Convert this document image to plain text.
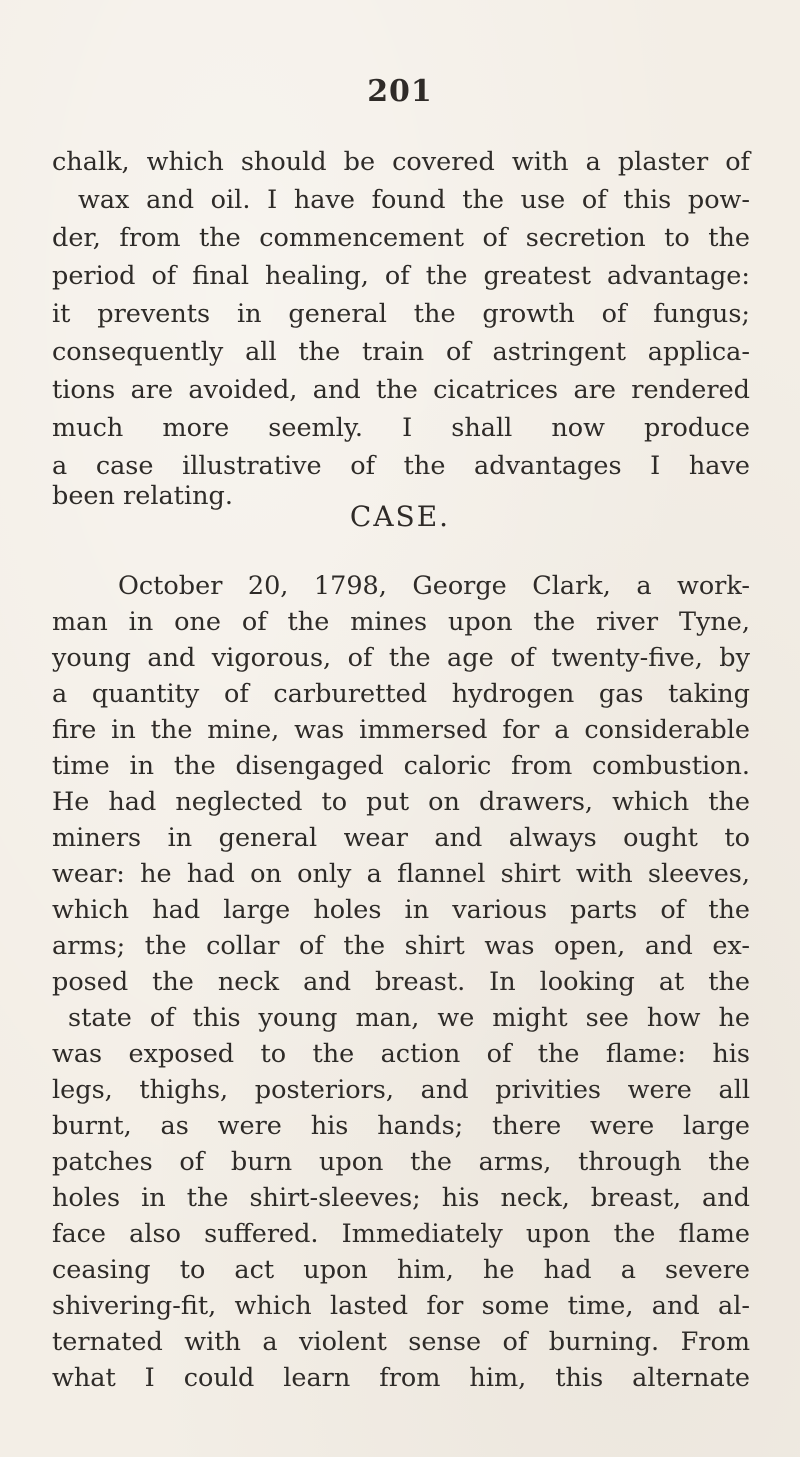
201
chalk, which should be covered with a plaster of
wax and oil. I have found the use of this pow-
der, from the commencement of secretion to the
period of final healing, of the greatest advantage:
it prevents in general the growth of fungus;
consequently all the train of astringent applica-
tions are avoided, and the cicatrices are rendered
much more seemly. I shall now produce
a case illustrative of the advantages I have
been relating.
CASE.
October 20, 1798, George Clark, a work-
man in one of the mines upon the river Tyne,
young and vigorous, of the age of twenty-five, by
a quantity of carburetted hydrogen gas taking
fire in the mine, was immersed for a considerable
time in the disengaged caloric from combustion.
He had neglected to put on drawers, which the
miners in general wear and always ought to
wear: he had on only a flannel shirt with sleeves,
which had large holes in various parts of the
arms; the collar of the shirt was open, and ex-
posed the neck and breast. In looking at the
state of this young man, we might see how he
was exposed to the action of the flame: his
legs, thighs, posteriors, and privities were all
burnt, as were his hands; there were large
patches of burn upon the arms, through the
holes in the shirt-sleeves; his neck, breast, and
face also suffered. Immediately upon the flame
ceasing to act upon him, he had a severe
shivering-fit, which lasted for some time, and al-
ternated with a violent sense of burning. From
what I could learn from him, this alternate
